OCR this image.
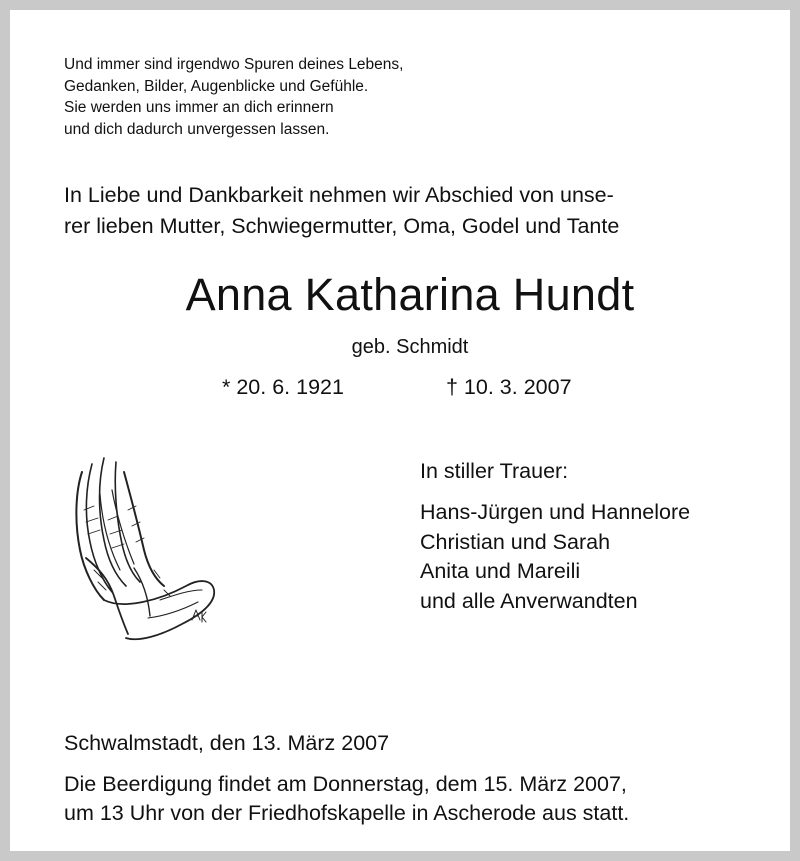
Und immer sind irgendwo Spuren deines Lebens,
Gedanken, Bilder, Augenblicke und Gefühle.
Sie werden uns immer an dich erinnern
und dich dadurch unvergessen lassen.
In Liebe und Dankbarkeit nehmen wir Abschied von unse-
rer lieben Mutter, Schwiegermutter, Oma, Godel und Tante
Anna Katharina Hundt
geb. Schmidt
* 20. 6. 1921	† 10. 3. 2007
In stiller Trauer:
Hans-Jürgen und Hannelore
Christian und Sarah
Anita und Mareili
und alle Anverwandten
Schwalmstadt, den 13. März 2007
Die Beerdigung findet am Donnerstag, dem 15. März 2007,
um 13 Uhr von der Friedhofskapelle in Ascherode aus statt.
